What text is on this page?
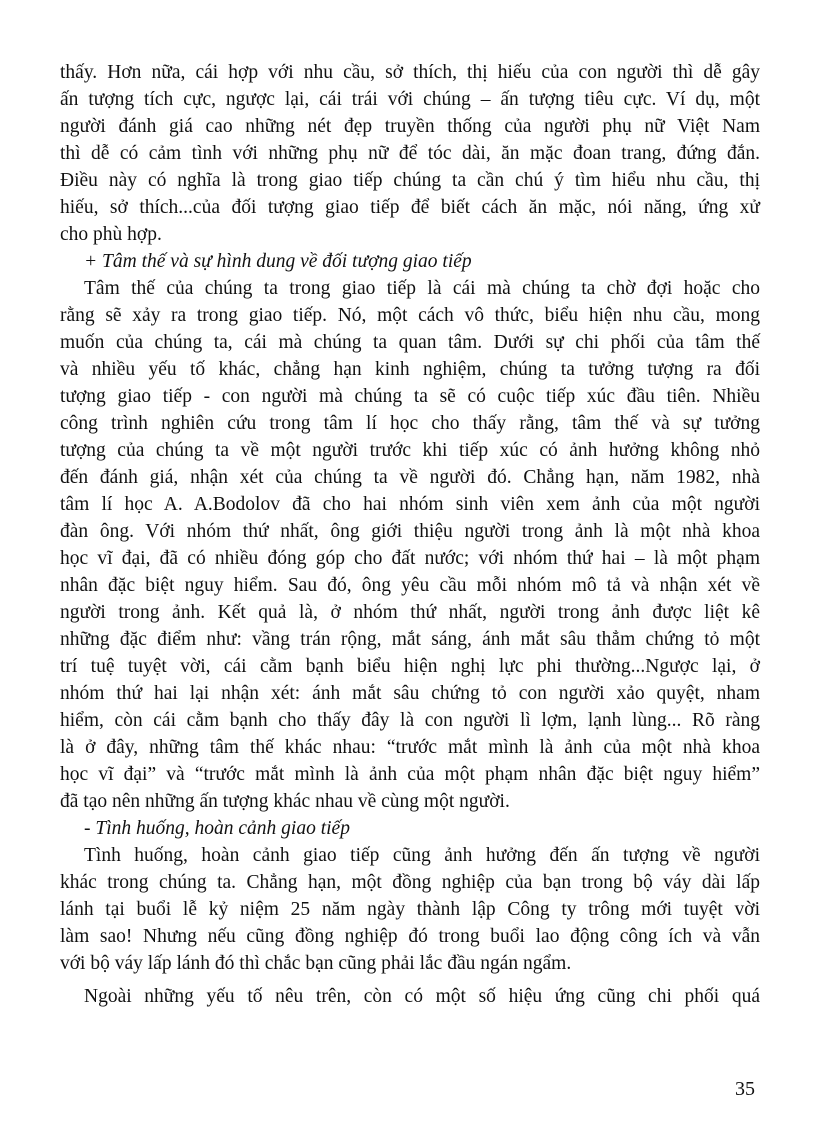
thấy. Hơn nữa, cái hợp với nhu cầu, sở thích, thị hiếu của con người thì dễ gây
ấn tượng tích cực, ngược lại, cái trái với chúng – ấn tượng tiêu cực. Ví dụ, một
người đánh giá cao những nét đẹp truyền thống của người phụ nữ Việt Nam
thì dễ có cảm tình với những phụ nữ để tóc dài, ăn mặc đoan trang, đứng đắn.
Điều này có nghĩa là trong giao tiếp chúng ta cần chú ý tìm hiểu nhu cầu, thị
hiếu, sở thích...của đối tượng giao tiếp để biết cách ăn mặc, nói năng, ứng xử
cho phù hợp.
+ Tâm thế và sự hình dung về đối tượng giao tiếp
Tâm thế của chúng ta trong giao tiếp là cái mà chúng ta chờ đợi hoặc cho
rằng sẽ xảy ra trong giao tiếp. Nó, một cách vô thức, biểu hiện nhu cầu, mong
muốn của chúng ta, cái mà chúng ta quan tâm. Dưới sự chi phối của tâm thế
và nhiều yếu tố khác, chẳng hạn kinh nghiệm, chúng ta tưởng tượng ra đối
tượng giao tiếp - con người mà chúng ta sẽ có cuộc tiếp xúc đầu tiên. Nhiều
công trình nghiên cứu trong tâm lí học cho thấy rằng, tâm thế và sự tưởng
tượng của chúng ta về một người trước khi tiếp xúc có ảnh hưởng không nhỏ
đến đánh giá, nhận xét của chúng ta về người đó. Chẳng hạn, năm 1982, nhà
tâm lí học A. A.Bodolov đã cho hai nhóm sinh viên xem ảnh của một người
đàn ông. Với nhóm thứ nhất, ông giới thiệu người trong ảnh là một nhà khoa
học vĩ đại, đã có nhiều đóng góp cho đất nước; với nhóm thứ hai – là một phạm
nhân đặc biệt nguy hiểm. Sau đó, ông yêu cầu mỗi nhóm mô tả và nhận xét về
người trong ảnh. Kết quả là, ở nhóm thứ nhất, người trong ảnh được liệt kê
những đặc điểm như: vầng trán rộng, mắt sáng, ánh mắt sâu thẳm chứng tỏ một
trí tuệ tuyệt vời, cái cằm bạnh biểu hiện nghị lực phi thường...Ngược lại, ở
nhóm thứ hai lại nhận xét: ánh mắt sâu chứng tỏ con người xảo quyệt, nham
hiểm, còn cái cằm bạnh cho thấy đây là con người lì lợm, lạnh lùng... Rõ ràng
là ở đây, những tâm thế khác nhau: “trước mắt mình là ảnh của một nhà khoa
học vĩ đại” và “trước mắt mình là ảnh của một phạm nhân đặc biệt nguy hiểm”
đã tạo nên những ấn tượng khác nhau về cùng một người.
- Tình huống, hoàn cảnh giao tiếp
Tình huống, hoàn cảnh giao tiếp cũng ảnh hưởng đến ấn tượng về người
khác trong chúng ta. Chẳng hạn, một đồng nghiệp của bạn trong bộ váy dài lấp
lánh tại buổi lễ kỷ niệm 25 năm ngày thành lập Công ty trông mới tuyệt vời
làm sao! Nhưng nếu cũng đồng nghiệp đó trong buổi lao động công ích và vẫn
với bộ váy lấp lánh đó thì chắc bạn cũng phải lắc đầu ngán ngẩm.
Ngoài những yếu tố nêu trên, còn có một số hiệu ứng cũng chi phối quá
35
